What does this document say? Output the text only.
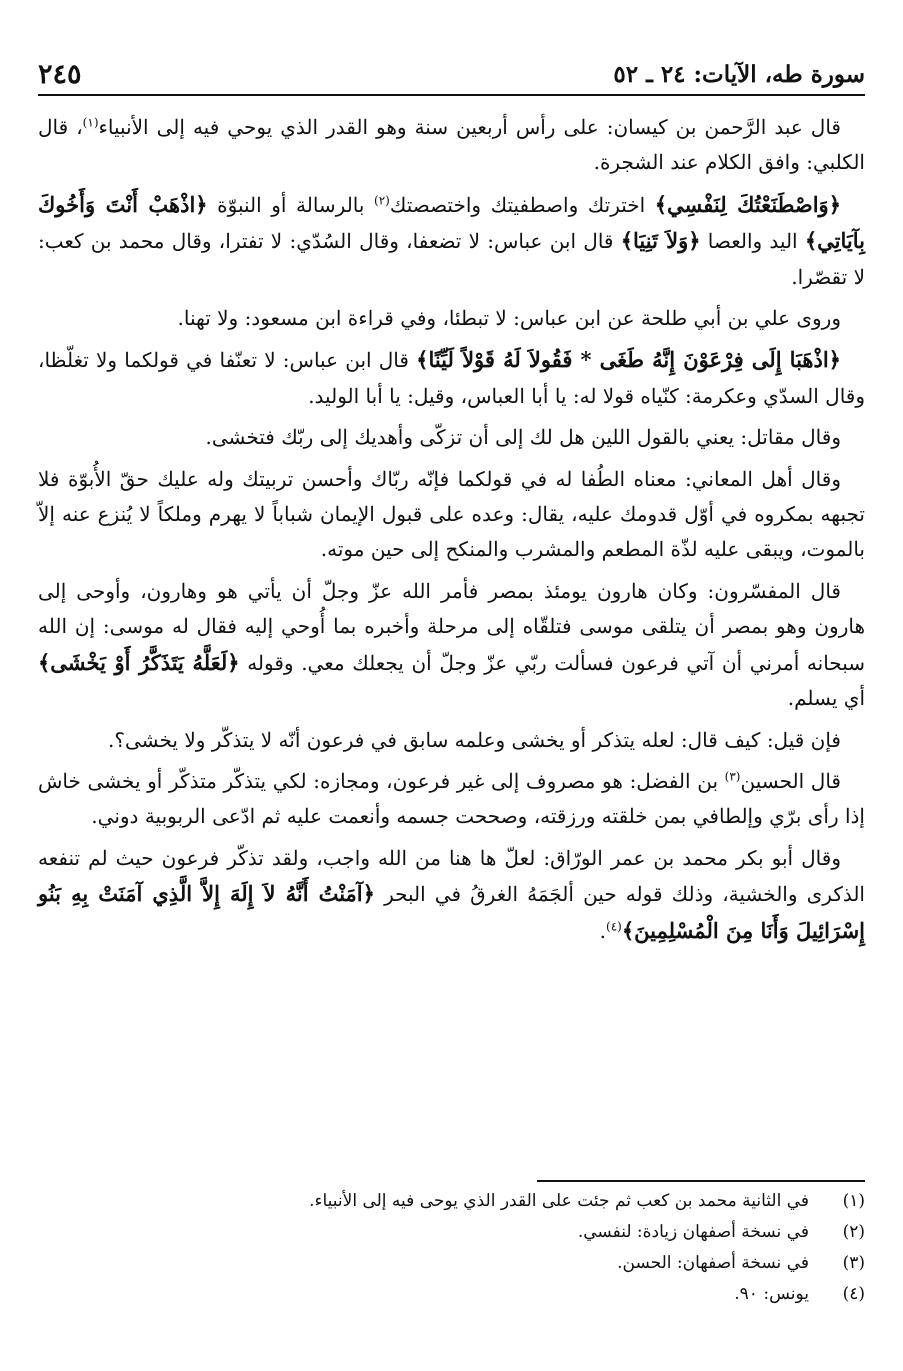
سورة طه، الآيات: ٢٤ ـ ٥٢
٢٤٥

قال عبد الرَّحمن بن كيسان: على رأس أربعين سنة وهو القدر الذي يوحي فيه إلى الأنبياء$^{(١)}$، قال الكلبي: وافق الكلام عند الشجرة.

﴿وَاصْطَنَعْتُكَ لِنَفْسِي﴾ اخترتك واصطفيتك واختصصتك$^{(٢)}$ بالرسالة أو النبوّة ﴿اذْهَبْ أَنْتَ وَأَخُوكَ بِآيَاتِي﴾ اليد والعصا ﴿وَلاَ تَنِيَا﴾ قال ابن عباس: لا تضعفا، وقال السُدّي: لا تفترا، وقال محمد بن كعب: لا تقصّرا.

وروى علي بن أبي طلحة عن ابن عباس: لا تبطئا، وفي قراءة ابن مسعود: ولا تهنا.

﴿اذْهَبَا إِلَى فِرْعَوْنَ إِنَّهُ طَغَى * فَقُولاَ لَهُ قَوْلاً لَيِّنًا﴾ قال ابن عباس: لا تعنّفا في قولكما ولا تغلّظا، وقال السدّي وعكرمة: كنّياه قولا له: يا أبا العباس، وقيل: يا أبا الوليد.

وقال مقاتل: يعني بالقول اللين هل لك إلى أن تزكّى وأهديك إلى ربّك فتخشى.

وقال أهل المعاني: معناه الطُفا له في قولكما فإنّه ربّاك وأحسن تربيتك وله عليك حقّ الأُبوّة فلا تجبهه بمكروه في أوّل قدومك عليه، يقال: وعده على قبول الإيمان شباباً لا يهرم وملكاً لا يُنزع عنه إلاّ بالموت، ويبقى عليه لذّة المطعم والمشرب والمنكح إلى حين موته.

قال المفسّرون: وكان هارون يومئذ بمصر فأمر الله عزّ وجلّ أن يأتي هو وهارون، وأوحى إلى هارون وهو بمصر أن يتلقى موسى فتلقّاه إلى مرحلة وأخبره بما أُوحي إليه فقال له موسى: إن الله سبحانه أمرني أن آتي فرعون فسألت ربّي عزّ وجلّ أن يجعلك معي. وقوله ﴿لَعَلَّهُ يَتَذَكَّرُ أَوْ يَخْشَى﴾ أي يسلم.

فإن قيل: كيف قال: لعله يتذكر أو يخشى وعلمه سابق في فرعون أنّه لا يتذكّر ولا يخشى؟.

قال الحسين$^{(٣)}$ بن الفضل: هو مصروف إلى غير فرعون، ومجازه: لكي يتذكّر متذكّر أو يخشى خاش إذا رأى برّي وإلطافي بمن خلقته ورزقته، وصححت جسمه وأنعمت عليه ثم ادّعى الربوبية دوني.

وقال أبو بكر محمد بن عمر الورّاق: لعلّ ها هنا من الله واجب، ولقد تذكّر فرعون حيث لم تنفعه الذكرى والخشية، وذلك قوله حين ألجَمَهُ الغرقُ في البحر ﴿آمَنْتُ أَنَّهُ لاَ إِلَهَ إِلاَّ الَّذِي آمَنَتْ بِهِ بَنُو إِسْرَائِيلَ وَأَنَا مِنَ الْمُسْلِمِينَ﴾$^{(٤)}$.

(١)
في الثانية محمد بن كعب ثم جئت على القدر الذي يوحى فيه إلى الأنبياء.
(٢)
في نسخة أصفهان زيادة: لنفسي.
(٣)
في نسخة أصفهان: الحسن.
(٤)
يونس: ٩٠.
